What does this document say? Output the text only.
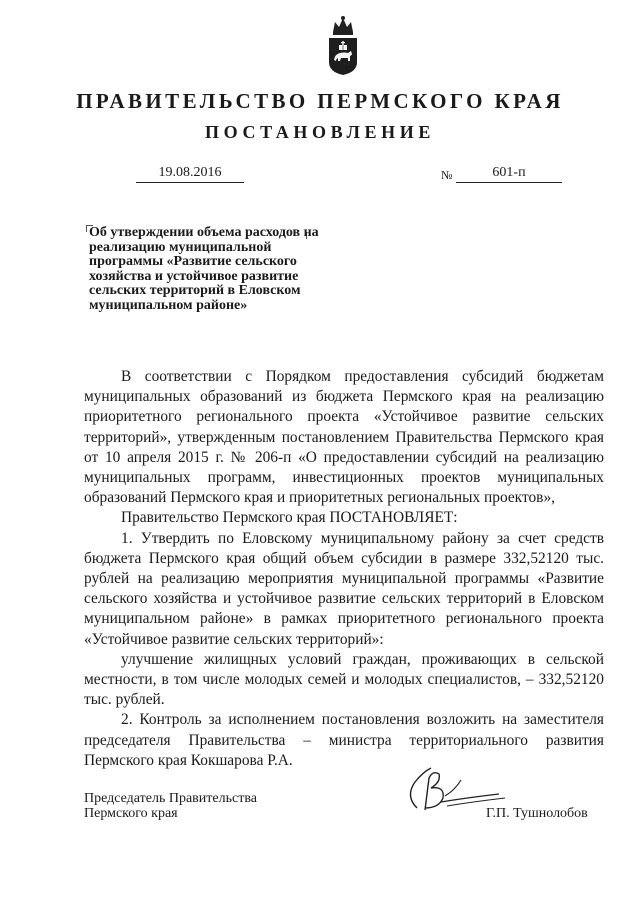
ПРАВИТЕЛЬСТВО ПЕРМСКОГО КРАЯ
ПОСТАНОВЛЕНИЕ
19.08.2016	№	601-п

Об утверждении объема расходов на реализацию муниципальной программы «Развитие сельского хозяйства и устойчивое развитие сельских территорий в Еловском муниципальном районе»

В соответствии с Порядком предоставления субсидий бюджетам муниципальных образований из бюджета Пермского края на реализацию приоритетного регионального проекта «Устойчивое развитие сельских территорий», утвержденным постановлением Правительства Пермского края от 10 апреля 2015 г. № 206-п «О предоставлении субсидий на реализацию муниципальных программ, инвестиционных проектов муниципальных образований Пермского края и приоритетных региональных проектов»,

Правительство Пермского края ПОСТАНОВЛЯЕТ:

1. Утвердить по Еловскому муниципальному району за счет средств бюджета Пермского края общий объем субсидии в размере 332,52120 тыс. рублей на реализацию мероприятия муниципальной программы «Развитие сельского хозяйства и устойчивое развитие сельских территорий в Еловском муниципальном районе» в рамках приоритетного регионального проекта «Устойчивое развитие сельских территорий»:

улучшение жилищных условий граждан, проживающих в сельской местности, в том числе молодых семей и молодых специалистов, – 332,52120 тыс. рублей.

2. Контроль за исполнением постановления возложить на заместителя председателя Правительства – министра территориального развития Пермского края Кокшарова Р.А.

Председатель Правительства
Пермского края	Г.П. Тушнолобов
